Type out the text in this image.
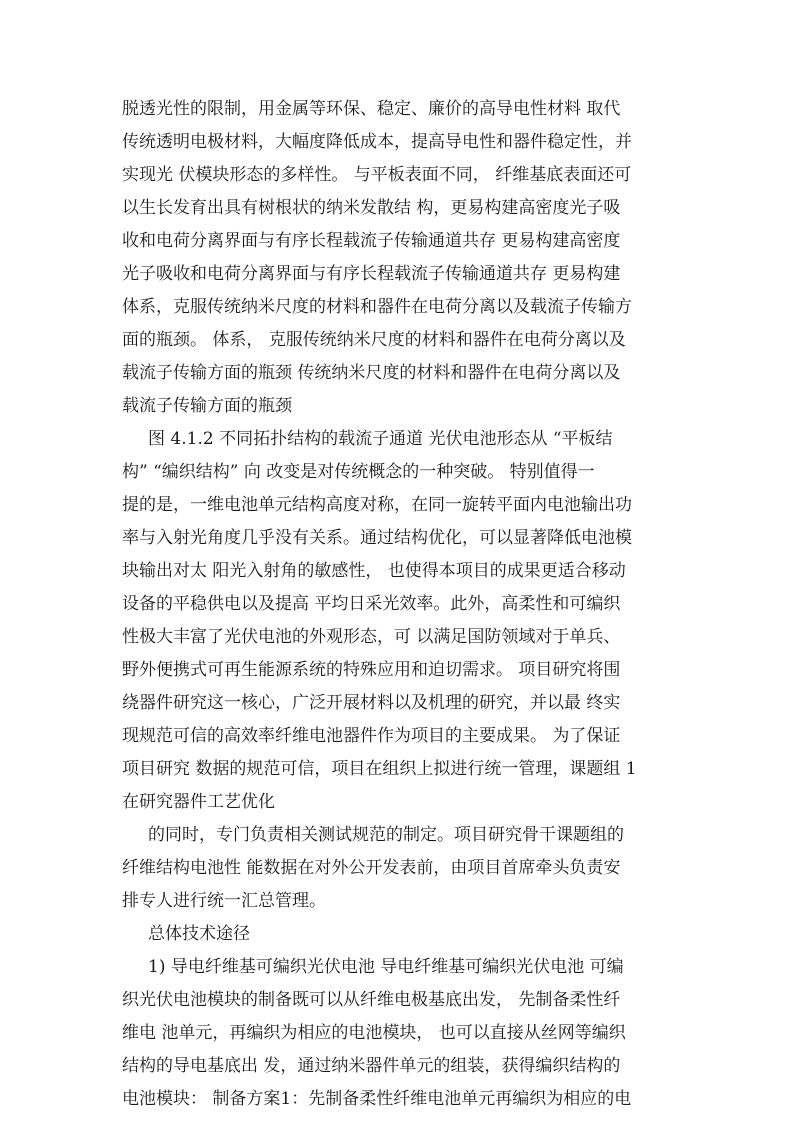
脱透光性的限制，用金属等环保、稳定、廉价的高导电性材料 取代
传统透明电极材料，大幅度降低成本，提高导电性和器件稳定性，并
实现光 伏模块形态的多样性。 与平板表面不同， 纤维基底表面还可
以生长发育出具有树根状的纳米发散结 构，更易构建高密度光子吸
收和电荷分离界面与有序长程载流子传输通道共存 更易构建高密度
光子吸收和电荷分离界面与有序长程载流子传输通道共存 更易构建
体系，克服传统纳米尺度的材料和器件在电荷分离以及载流子传输方
面的瓶颈。 体系， 克服传统纳米尺度的材料和器件在电荷分离以及
载流子传输方面的瓶颈 传统纳米尺度的材料和器件在电荷分离以及
载流子传输方面的瓶颈
图 4.1.2 不同拓扑结构的载流子通道 光伏电池形态从 “平板结
构” “编织结构” 向 改变是对传统概念的一种突破。 特别值得一
提的是，一维电池单元结构高度对称，在同一旋转平面内电池输出功
率与入射光角度几乎没有关系。通过结构优化，可以显著降低电池模
块输出对太 阳光入射角的敏感性， 也使得本项目的成果更适合移动
设备的平稳供电以及提高 平均日采光效率。此外，高柔性和可编织
性极大丰富了光伏电池的外观形态，可 以满足国防领域对于单兵、
野外便携式可再生能源系统的特殊应用和迫切需求。 项目研究将围
绕器件研究这一核心，广泛开展材料以及机理的研究，并以最 终实
现规范可信的高效率纤维电池器件作为项目的主要成果。 为了保证
项目研究 数据的规范可信，项目在组织上拟进行统一管理，课题组 1
在研究器件工艺优化
的同时，专门负责相关测试规范的制定。项目研究骨干课题组的
纤维结构电池性 能数据在对外公开发表前，由项目首席牵头负责安
排专人进行统一汇总管理。
总体技术途径
1) 导电纤维基可编织光伏电池 导电纤维基可编织光伏电池 可编
织光伏电池模块的制备既可以从纤维电极基底出发， 先制备柔性纤
维电 池单元，再编织为相应的电池模块， 也可以直接从丝网等编织
结构的导电基底出 发，通过纳米器件单元的组装，获得编织结构的
电池模块： 制备方案1：先制备柔性纤维电池单元再编织为相应的电
